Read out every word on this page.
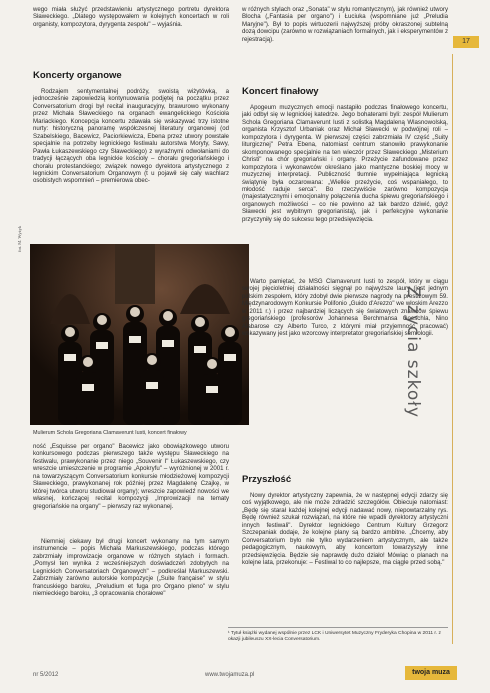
wego miała służyć przedstawieniu artystycznego portretu dyrektora Sławeckiego. „Dlatego występowałem w kolejnych koncertach w roli organisty, kompozytora, dyrygenta zespołu" – wyjaśnia.
Koncerty organowe
Rodzajem sentymentalnej podróży, swoistą wiżytówką, a jednocześnie zapowiedzią kontynuowania podjętej na początku przez Conversatorium drogi był recital inauguracyjny, brawurowo wykonany przez Michała Sławeckiego na organach ewangelickiego Kościoła Mariackiego. Koncepcja koncertu zdawała się wskazywać trzy istotne nurty: historyczną panoramę współczesnej literatury organowej (od Szabelskiego, Bacewicz, Paciorkiewicza, Ebena przez utwory powstałe specjalnie na potrzeby legnickiego festiwalu autorstwa Moryty, Sawy, Pawła Łukaszewskiego czy Sławeckiego) z wyraźnymi odwołaniami do tradycji łączących oba legnickie kościoły – chorału gregoriańskiego i chorału protestanckiego; związek nowego dyrektora artystycznego z legnickim Conversatorium Organowym (t u pojawił się cały wachlarz osobistych wspomnień – premierowa obec-
fot. M. Wyżyk
Mulierum Schola Gregoriana Clamaverunt Iusti, koncert finałowy
ność „Esquisse per organo" Bacewicz jako obowiązkowego utworu konkursowego podczas pierwszego także występu Sławeckiego na festiwalu, prawykonanie przez niego „Souvenir I" Łukaszewskiego, czy wreszcie umieszczenie w programie „Apokryfu" – wyróżnionej w 2001 r. na towarzyszącym Conversatorium konkursie młodzieżowej kompozycji Sławeckiego, prawykonanej rok później przez Magdalenę Czajkę, w której twórca utworu studiował organy); wreszcie zapowiedź nowości we własnej, kończącej recital kompozycji „Improwizacji na tematy gregoriańskie na organy" – pierwszy raz wykonanej.
Niemniej ciekawy był drugi koncert wykonany na tym samym instrumencie – popis Michała Markuszewskiego, podczas którego zabrzmiały improwizacje organowe w różnych stylach i formach. „Pomysł ten wynika z wcześniejszych doświadczeń zdobytych na Legnickich Conversatoriach Organowych" – podkreślał Markuszewski. Zabrzmiały zarówno autorskie kompozycje („Suite française" w stylu francuskiego baroku, „Preludium et fuga pro Organo pleno" w stylu niemieckiego baroku, „3 opracowania chorałowe"
w różnych stylach oraz „Sonata" w stylu romantycznym), jak również utwory Blocha („Fantasia per organo") i Łuciuka (wspomniane już „Preludia Maryjne"). Był to popis wirtuozerii najwyższej próby okraszonej subtelną dozą dowcipu (zarówno w rozwiązaniach formalnych, jak i eksperymentów z rejestracją).
Koncert finałowy
Apogeum muzycznych emocji nastąpiło podczas finałowego koncertu, jaki odbył się w legnickiej katedrze. Jego bohaterami byli: zespół Mulierum Schola Gregoriana Clamaverunt Iusti z solistką Magdaleną Wlasnowolską, organista Krzysztof Urbaniak oraz Michał Sławecki w podwójnej roli – kompozytora i dyrygenta. W pierwszej części zabrzmiała IV część „Suity liturgicznej" Petra Ebena, natomiast centrum stanowiło prawykonanie skomponowanego specjalnie na ten wieczór przez Sławeckiego „Misterium Christi" na chór gregoriański i organy. Przeżycie zafundowane przez kompozytora i wykonawców określano jako mantyczne boskiej mocy w muzycznej interpretacji. Publiczność tłumnie wypełniająca legnicką świątynię była oczarowana: „Wielkie przeżycie, coś wspaniałego, to młodość raduje serca". Bo rzeczywiście zarówno kompozycja (majestatycznymi i emocjonalny połączenia ducha śpiewu gregoriańskiego i organowych możliwości – co nie powinno aż tak bardzo dziwić, gdyż Sławecki jest wybitnym gregorianistą), jak i perfekcyjne wykonanie przyczyniły się do sukcesu tego przedsięwzięcia.
Warto pamiętać, że MSG Clamaverunt Iusti to zespół, który w ciągu swojej pięcioletniej działalności sięgnął po najwyższe laury (jest jednym polskim zespołem, który zdobył dwie pierwsze nagrody na prestiżowym 59. Międzynarodowym Konkursie Polifonio „Guido d'Arezzo" we włoskim Arezzo w 2011 r.) i przez najbardziej liczących się światowych znawców śpiewu gregoriańskiego (profesorów Johannesa Berchmansa Goeschla, Nino Alabarose czy Alberto Turco, z którymi miał przyjemność pracować) wskazywany jest jako wzorcowy interpretator gregoriańskiej semiologii.
Przyszłość
Nowy dyrektor artystyczny zapewnia, że w następnej edycji zdarzy się coś wyjątkowego, ale nie może zdradzić szczegółów. Obiecuje natomiast: „Będę się starał każdej kolejnej edycji nadawać nowy, niepowtarzalny rys. Będę również szukał rozwiązań, na które nie wpadli dyrektorzy artystyczni innych festiwali". Dyrektor legnickiego Centrum Kultury Grzegorz Szczepaniak dodaje, że kolejne plany są bardzo ambitne. „Chcemy, aby Conversatorium było nie tylko wydarzeniem artystycznym, ale także pedagogicznym, naukowym, aby koncertom towarzyszyły inne przedsięwzięcia. Będzie się naprawdę dużo działo! Mówiąc o planach na kolejne lata, przekonuje: – Festiwal to co najlepsze, ma ciągle przed sobą."
¹ Tytuł książki wydanej wspólnie przez LCK i Uniwersytet Muzyczny Fryderyka Chopina w 2011 r. z okazji jubileuszu XX-lecia Conversatorium.
17
Z życia szkoły
nr 5/2012	www.twojamuza.pl	twoja muza
